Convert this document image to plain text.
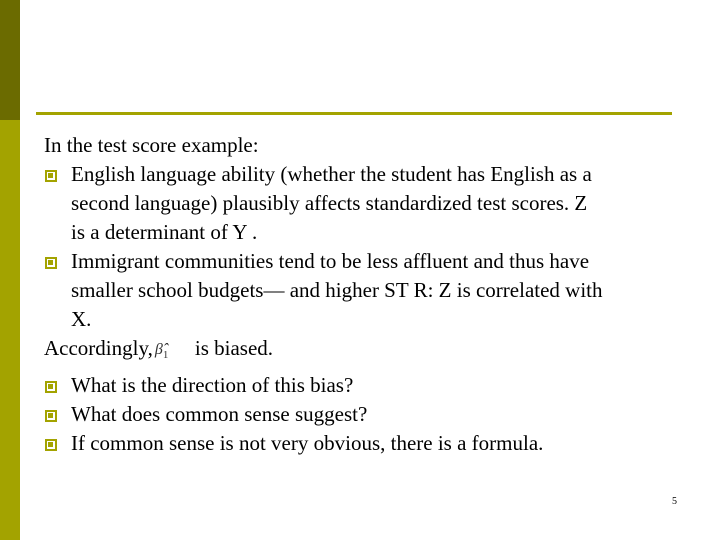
In the test score example:
English language ability (whether the student has English as a
second language) plausibly affects standardized test scores. Z
is a determinant of Y .
Immigrant communities tend to be less affluent and thus have
smaller school budgets— and higher ST R: Z is correlated with
X.
Accordingly, $\betâ_1$ is biased.
What is the direction of this bias?
What does common sense suggest?
If common sense is not very obvious, there is a formula.
5
